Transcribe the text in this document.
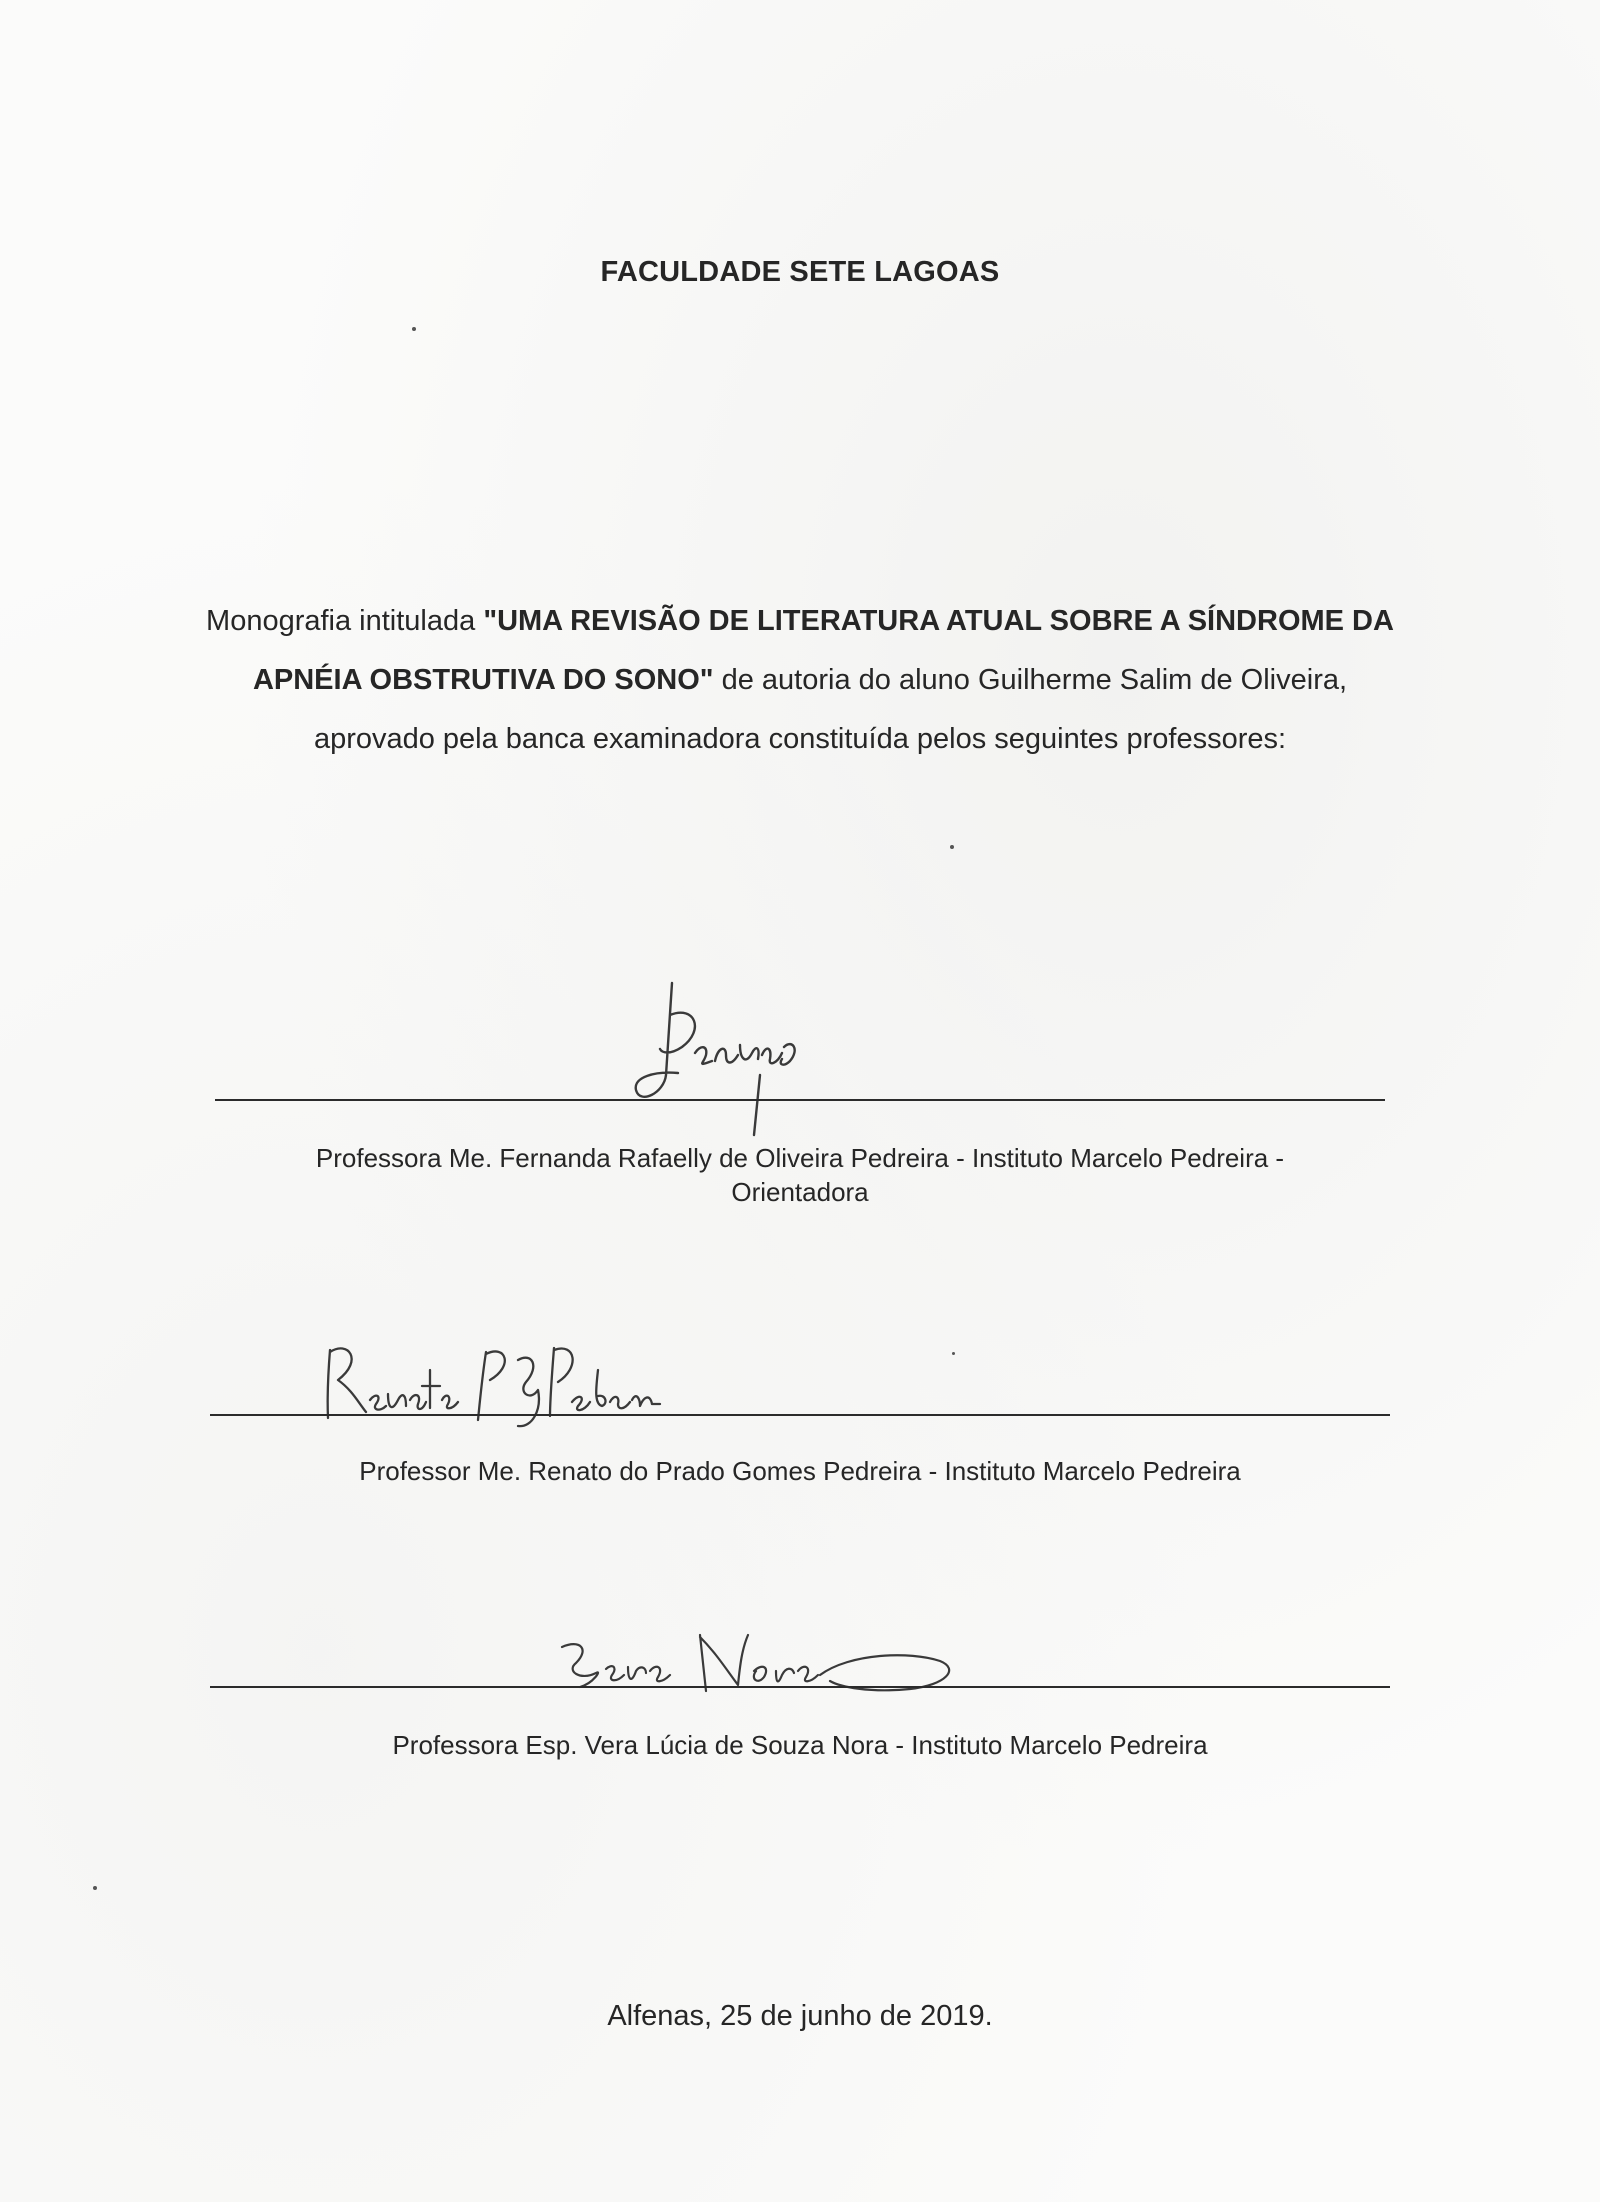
FACULDADE SETE LAGOAS
Monografia intitulada "UMA REVISÃO DE LITERATURA ATUAL SOBRE A SÍNDROME DA APNÉIA OBSTRUTIVA DO SONO" de autoria do aluno Guilherme Salim de Oliveira, aprovado pela banca examinadora constituída pelos seguintes professores:
Professora Me. Fernanda Rafaelly de Oliveira Pedreira - Instituto Marcelo Pedreira -
Orientadora
Professor Me. Renato do Prado Gomes Pedreira - Instituto Marcelo Pedreira
Professora Esp. Vera Lúcia de Souza Nora - Instituto Marcelo Pedreira
Alfenas, 25 de junho de 2019.
